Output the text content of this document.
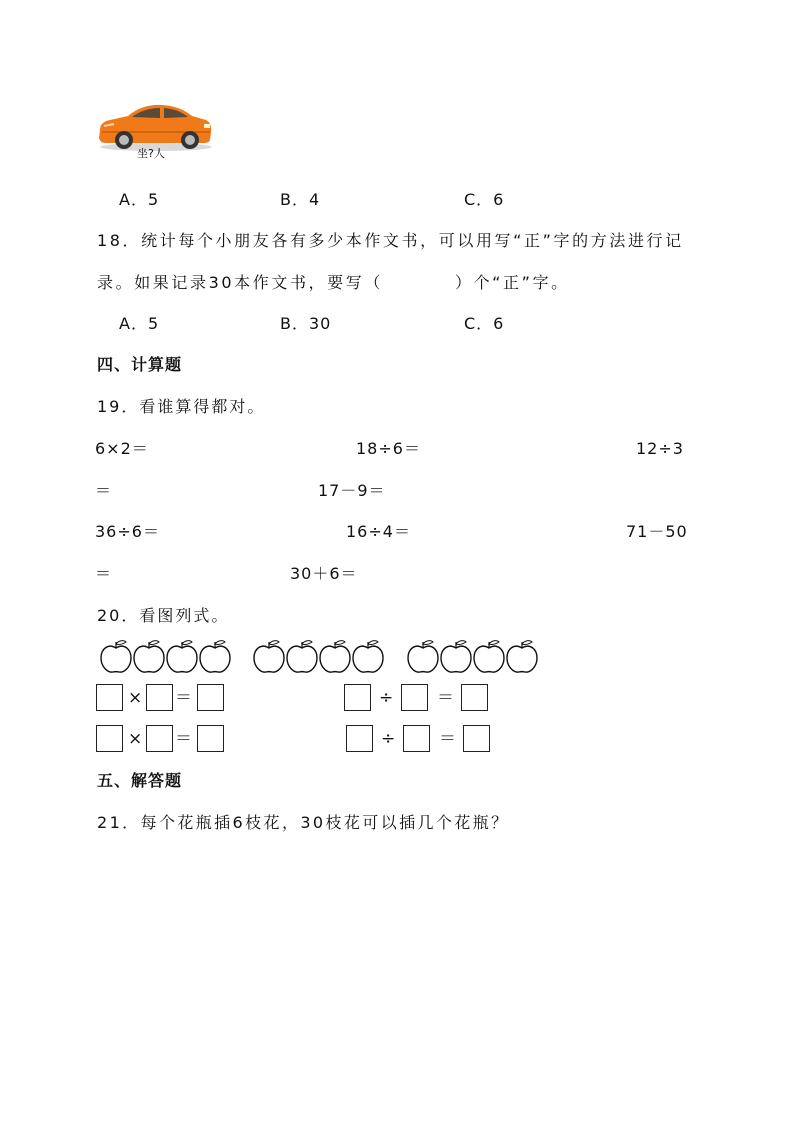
坐?人
A．5	B．4	C．6
18．统计每个小朋友各有多少本作文书，可以用写“正”字的方法进行记
录。如果记录30本作文书，要写（	）个“正”字。
A．5	B．30	C．6
四、计算题
19．看谁算得都对。
6×2＝	18÷6＝	12÷3
＝	17－9＝
36÷6＝	16÷4＝	71－50
＝	30＋6＝
20．看图列式。
× ＝	÷	＝
× ＝	÷	＝
五、解答题
21．每个花瓶插6枝花，30枝花可以插几个花瓶？
